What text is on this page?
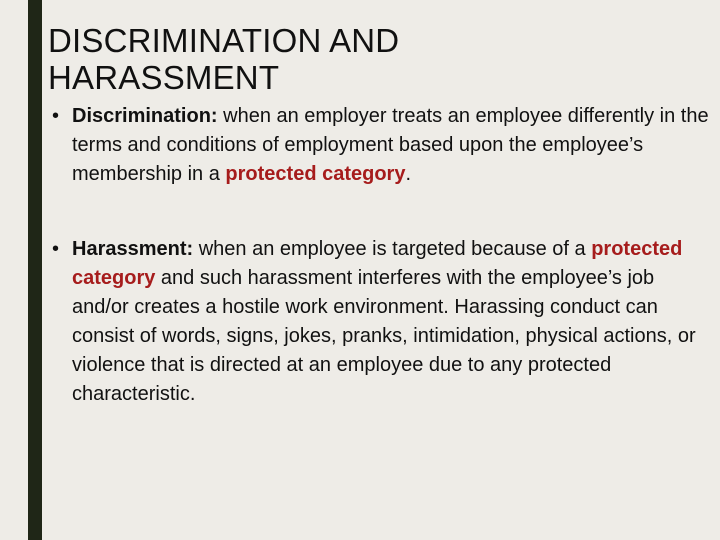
DISCRIMINATION AND
HARASSMENT
• Discrimination: when an employer treats an employee differently in the terms and conditions of employment based upon the employee’s membership in a protected category.
• Harassment: when an employee is targeted because of a protected category and such harassment interferes with the employee’s job and/or creates a hostile work environment. Harassing conduct can consist of words, signs, jokes, pranks, intimidation, physical actions, or violence that is directed at an employee due to any protected characteristic.
